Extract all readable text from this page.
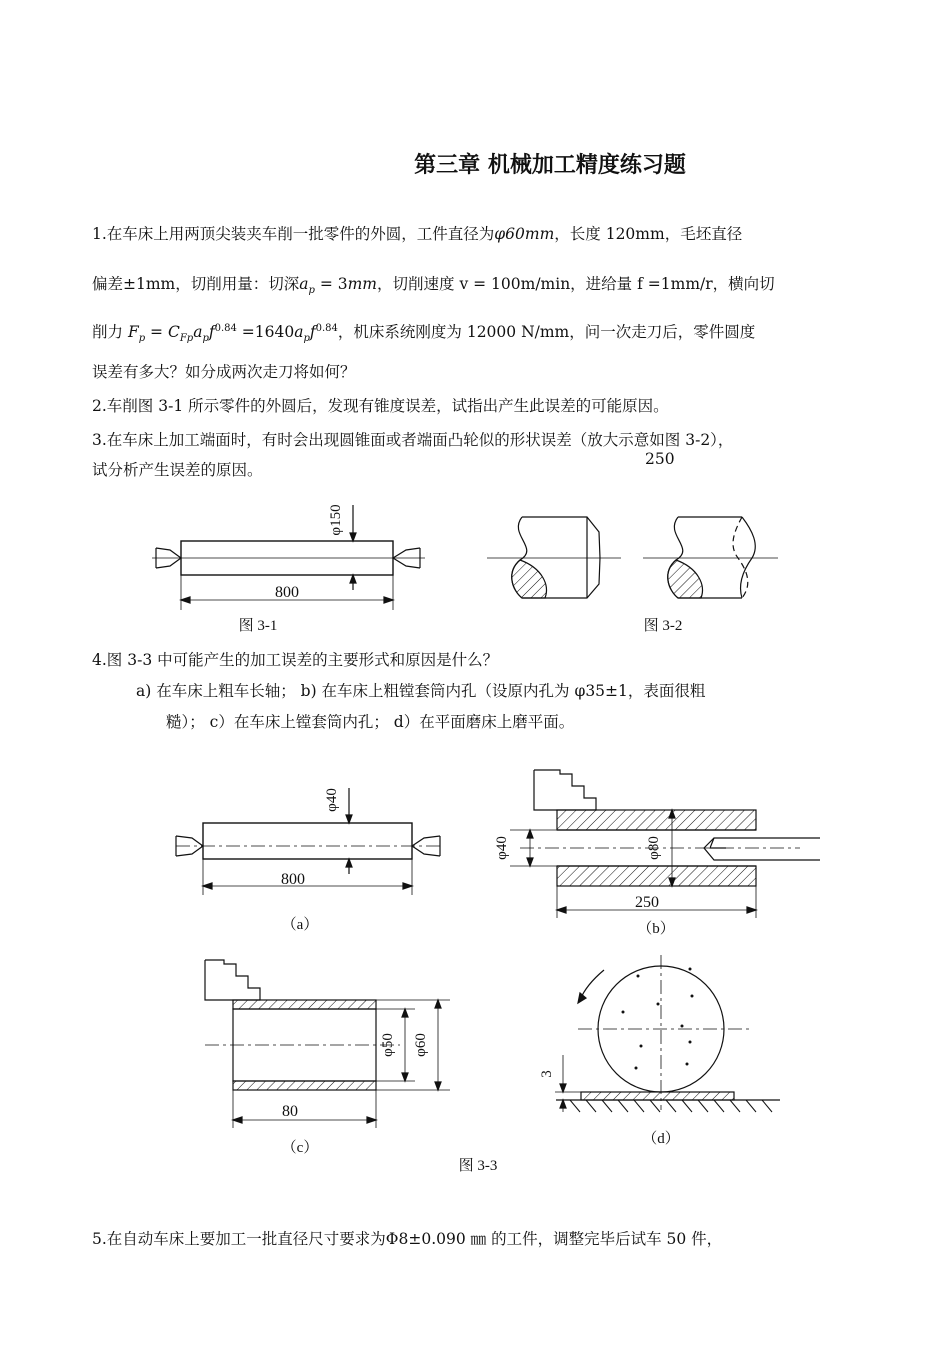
第三章 机械加工精度练习题
1.在车床上用两顶尖装夹车削一批零件的外圆，工件直径为φ60mm，长度 120mm，毛坯直径
偏差±1mm，切削用量：切深$a_p = 3mm$，切削速度 v = 100m/min，进给量 f =1mm/r，横向切
削力 $F_p = C_{Fp}a_pf^{0.84} =1640a_pf^{0.84}$，机床系统刚度为 12000 N/mm，问一次走刀后，零件圆度
误差有多大？如分成两次走刀将如何？
2.车削图 3-1 所示零件的外圆后，发现有锥度误差，试指出产生此误差的可能原因。
3.在车床上加工端面时，有时会出现圆锥面或者端面凸轮似的形状误差（放大示意如图 3-2），
试分析产生误差的原因。
250
φ150
800
图 3-1	图 3-2
4.图 3-3 中可能产生的加工误差的主要形式和原因是什么？
a) 在车床上粗车长轴； b) 在车床上粗镗套筒内孔（设原内孔为 φ35±1，表面很粗
糙）； c）在车床上镗套筒内孔； d）在平面磨床上磨平面。
φ40
800
（a）
φ40	φ80
250
（b）
φ50 φ60
80
（c）
3
（d）
图 3-3
5.在自动车床上要加工一批直径尺寸要求为Φ8±0.090 ㎜ 的工件，调整完毕后试车 50 件，
